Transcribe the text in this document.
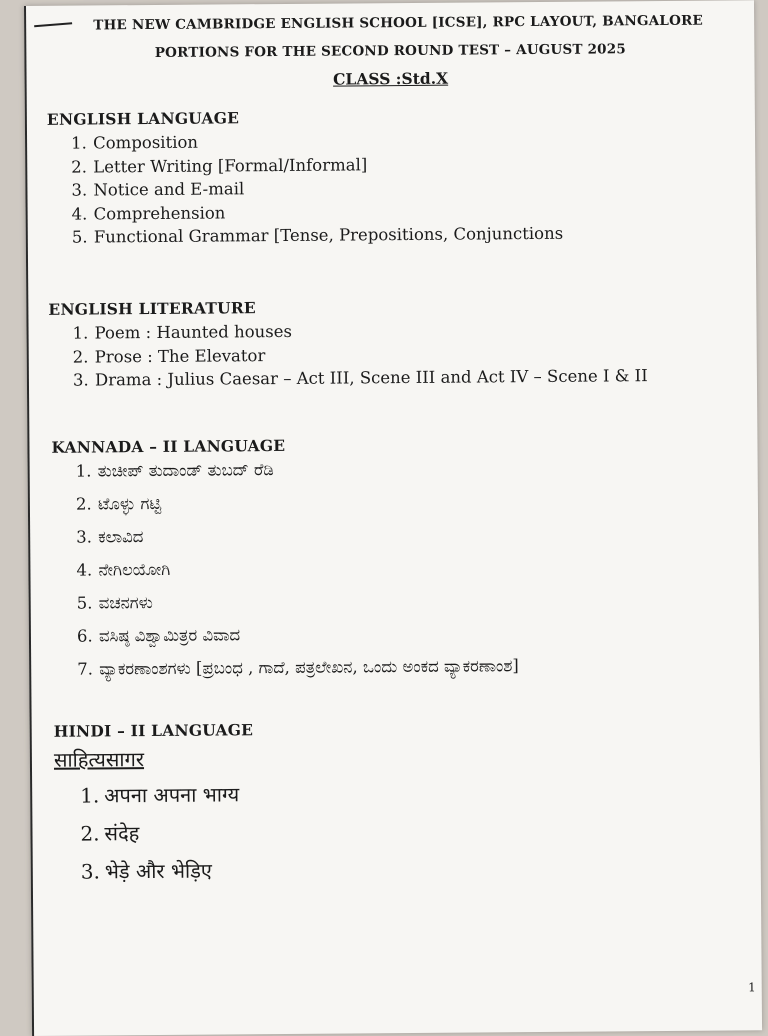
THE NEW CAMBRIDGE ENGLISH SCHOOL [ICSE], RPC LAYOUT, BANGALORE
PORTIONS FOR THE SECOND ROUND TEST – AUGUST 2025
CLASS :Std.X
ENGLISH LANGUAGE
1. Composition
2. Letter Writing [Formal/Informal]
3. Notice and E-mail
4. Comprehension
5. Functional Grammar [Tense, Prepositions, Conjunctions
ENGLISH LITERATURE
1. Poem : Haunted houses
2. Prose : The Elevator
3. Drama : Julius Caesar – Act III, Scene III and Act IV – Scene I & II
KANNADA – II LANGUAGE
1. ತುಚೀಪ್ ತುದಾಂಡ್ ತುಬದ್ ರೆಡಿ
2. ಟೊಳ್ಳು ಗಟ್ಟಿ
3. ಕಲಾವಿದ
4. ನೇಗಿಲಯೋಗಿ
5. ವಚನಗಳು
6. ವಸಿಷ್ಠ ವಿಶ್ವಾಮಿತ್ರರ ವಿವಾದ
7. ವ್ಯಾಕರಣಾಂಶಗಳು [ಪ್ರಬಂಧ , ಗಾದೆ, ಪತ್ರಲೇಖನ, ಒಂದು ಅಂಕದ ವ್ಯಾಕರಣಾಂಶ]
HINDI – II LANGUAGE
साहित्यसागर
1. अपना अपना भाग्य
2. संदेह
3. भेड़े और भेड़िए
1
